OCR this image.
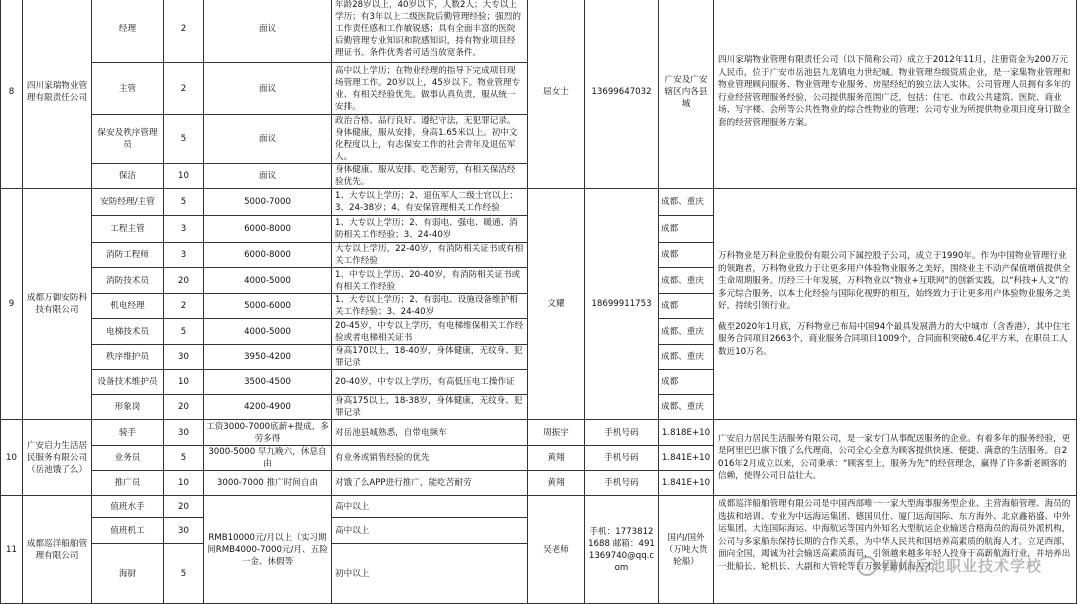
8	四川家瑞物业管理有限责任公司	经理	2	面议	年龄28岁以上，40岁以下，人数2人；大专以上学历；有3年以上二级医院后勤管理经验；强烈的工作责任感和工作敏锐感；具有全面丰富的医院后勤管理专业知识和院感知识，持有物业项目经理证书。条件优秀者可适当放宽条件。	屈女士	13699647032	广安及广安辖区内各县城	四川家瑞物业管理有限责任公司（以下简称公司）成立于2012年11月，注册资金为200万元人民币，位于广安市岳池县九龙镇电力世纪城。物业管理叁级资质企业，是一家集物业管理和物业管理顾问服务、物业管理专业服务、房屋经纪的独立法人实体。公司管理人员拥有多年的行业经营管理服务经验，公司提供服务范围广泛，包括：住宅、市政公共建筑、医院、商业场、写字楼、会所等公共性物业的综合性物业的管理；公司专业为所提供物业项目度身订做全套的经营管理服务方案。
		主管	2	面议	高中以上学历；在物业经理的指导下完成项目现场管理工作。20岁以上，45岁以下。物业管理专业、有相关经验优先。做事认真负责，服从统一安排。				
		保安及秩序管理员	5	面议	政治合格、品行良好、遵纪守法，无犯罪记录。身体健康，服从安排，身高1.65米以上。初中文化程度以上，有志保安工作的社会青年及退伍军人。				
		保洁	10	面议	身体健康、服从安排、吃苦耐劳，有相关保洁经验优先。				
9	成都万御安防科技有限公司	安防经理/主管	5	5000-7000	1、大专以上学历；2、退伍军人二级士官以上；3、24-38岁；4、有安保管理相关工作经验	文耀	18699911753	成都、重庆	万科物业是万科企业股份有限公司下属控股子公司，成立于1990年。作为中国物业管理行业的领跑者，万科物业致力于让更多用户体验物业服务之美好，围绕业主不动产保值增值提供全生命周期服务。历经三十年发展，万科物业以“物业+互联网”的创新实践，以“科技+人文”的多元综合服务，以本土化经验与国际化视野的相互，始终致力于让更多用户体验物业服务之美好，持续引领行业。
截至2020年1月底，万科物业已布局中国94个最具发展潜力的大中城市（含香港），其中住宅服务合同项目2663个，商业服务合同项目1009个，合同面积突破6.4亿平方米，在职员工人数近10万名。

		工程主管	3	6000-8000	1、大专以上学历；2、有弱电、强电、暖通、消防相关工作经验；3、24-40岁			成都	
		消防工程师	3	6000-8000	大专以上学历，22-40岁，有消防相关证书或有相关工作经验			成都	
		消防技术员	20	4000-5000	1、中专以上学历、20-40岁，有消防相关证书或有相关工作经验			成都、重庆	
		机电经理	2	5000-6000	1、大专以上学历；2、有弱电、设施设备维护相关工作经验；3、24-40岁			成都	
		电梯技术员	5	4000-5000	20-45岁，中专以上学历，有电梯维保相关工作经验或者电梯相关证书			成都、重庆	
		秩序维护员	30	3950-4200	身高170以上，18-40岁，身体健康，无纹身、犯罪记录			成都、重庆	
		设备技术维护员	10	3500-4500	20-40岁，中专以上学历，有高低压电工操作证			成都	
		形象岗	20	4200-4900	身高175以上，18-38岁，身体健康，无纹身、犯罪记录			成都、重庆	
10	广安启力生活居民服务有限公司（岳池饿了么）	骑手	30	工资3000-7000底薪+提成，多劳多得	对岳池县城熟悉，自带电频车	周振宇	手机号码	1.818E+10	广安启力居民生活服务有限公司，是一家专门从事配送服务的企业。有着多年的服务经验，更是阿里巴巴旗下饿了么代理商，公司全心全意为顾客提供快速、便捷、满意的生活服务。自2016年2月成立以来，公司秉承：“顾客至上，服务为先”的经营理念，赢得了许多新老顾客的信赖，使得公司日益壮大。
		业务员	5	3000-5000 早九晚六，休息自由	有业务或销售经验的优先	黄翔	手机号码	1.841E+10	
		推广员	10	3000-7000 推广时间自由	对饿了么APP进行推广，能吃苦耐劳	黄翔	手机号码	1.841E+10	
11	成都巡洋船舶管理有限公司	值班水手	20	RMB10000元/月以上（实习期间RMB4000-7000元/月、五险一金、休假等	高中以上	吴老师	手机：17738121688 邮箱：4911369740@qq.com	国内/国外（万吨大货轮船）	成都巡洋船舶管理有限公司是中国西部唯一一家大型海事服务型企业、主营海船管理、海员的选拔和培训、专业为中远海运集团、德国贝仕、厦门远海国际、东方海外、北京鑫裕盛、中外运集团、大连国际海运、中海航运等国内外知名大型航运企业输送合格海员的海员外派机构，公司与多家船东保持长期的合作关系，为中华人民共和国培养高素质的航海人才。立足西部，面向全国，竭诚为社会输送高素质海员，引领越来越多年轻人投身于高薪航海行业，并培养出一批船长、轮机长、大副和大管轮等百万级年薪航海人才。
		值班机工	30		高中以上				
		海厨	5		初中以上					四川岳池职业技术学校
